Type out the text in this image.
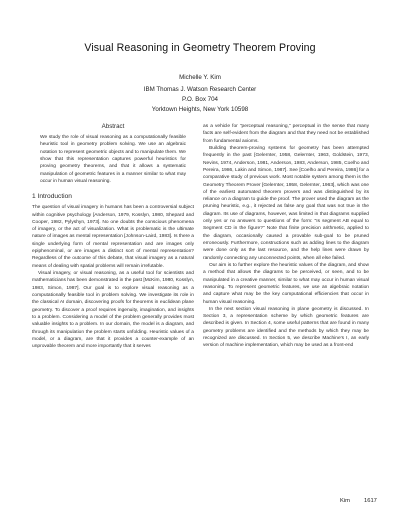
Visual Reasoning in Geometry Theorem Proving
Michelle Y. Kim
IBM Thomas J. Watson Research Center
P.O. Box 704
Yorktown Heights, New York 10598
Abstract

We study the role of visual reasoning as a computationally feasible heuristic tool in geometry problem solving. We use an algebraic notation to represent geometric objects and to manipulate them. We show that this representation captures powerful heuristics for proving geometry theorems, and that it allows a systematic manipulation of geometric features in a manner similar to what may occur in human visual reasoning.

1 Introduction

The question of visual imagery in humans has been a controversial subject within cognitive psychology [Anderson, 1979, Kosslyn, 1980, Shepard and Cooper, 1982, Pylyshyn, 1973]. No one doubts the conscious phenomena of imagery, or the act of visualization. What is problematic is the ultimate nature of images as mental representation [Johnson-Laird, 1983]. Is there a single underlying form of mental representation and are images only epiphenominal, or are images a distinct sort of mental representation? Regardless of the outcome of this debate, that visual imagery as a natural means of dealing with spatial problems will remain irrefutable.

Visual imagery, or visual reasoning, as a useful tool for scientists and mathematicians has been demonstrated in the past [McKim, 1980, Kosslyn, 1983, Simon, 1987]. Our goal is to explore visual reasoning as a computationally feasible tool in problem solving. We investigate its role in the classical AI domain, discovering proofs for theorems in euclidean plane geometry. To discover a proof requires ingenuity, imagination, and insights to a problem. Considering a model of the problem generally provides most valuable insights to a problem. In our domain, the model is a diagram, and through its manipulation the problem starts unfolding. Heuristic values of a model, or a diagram, are that it provides a counter-example of an unprovable theorem and more importantly that it serves

as a vehicle for "perceptual reasoning," perceptual in the sense that many facts are self-evident from the diagram and that they need not be established from fundamental axioms.

Building theorem-proving systems for geometry has been attempted frequently in the past [Gelernter, 1958, Gelernter, 1963, Goldstein, 1973, Nevins, 1974, Anderson, 1981, Anderson, 1983, Anderson, 1985, Coelho and Pereira, 1986, Lakin and Simon, 1987]. See [Coelho and Pereira, 1986] for a comparative study of previous work. Most notable system among them is the Geometry Theorem Prover [Gelernter, 1958, Gelernter, 1963], which was one of the earliest automated theorem provers and was distinguished by its reliance on a diagram to guide the proof. The prover used the diagram as the pruning heuristic, e.g., it rejected as false any goal that was not true in the diagram. Its use of diagrams, however, was limited in that diagrams supplied only yes or no answers to questions of the form: "Is segment AB equal to Segment CD in the figure?" Note that finite precision arithmetic, applied to the diagram, occasionally caused a provable sub-goal to be pruned erroneously. Furthermore, constructions such as adding lines to the diagram were done only as the last resource, and the help lines were drawn by randomly connecting any unconnected points, when all else failed.

Our aim is to further explore the heuristic values of the diagram, and show a method that allows the diagrams to be perceived, or seen, and to be manipulated in a creative manner, similar to what may occur in human visual reasoning. To represent geometric features, we use an algebraic notation and capture what may be the key computational efficiencies that occur in human visual reasoning.

In the next section visual reasoning in plane geometry is discussed. In Section 3, a representation scheme by which geometric features are described is given. In Section 4, some useful patterns that are found in many geometry problems are identified and the methods by which they may be recognized are discussed. In Section 5, we describe Machine's I, an early version of machine implementation, which may be used as a front-end

Kim 1617
